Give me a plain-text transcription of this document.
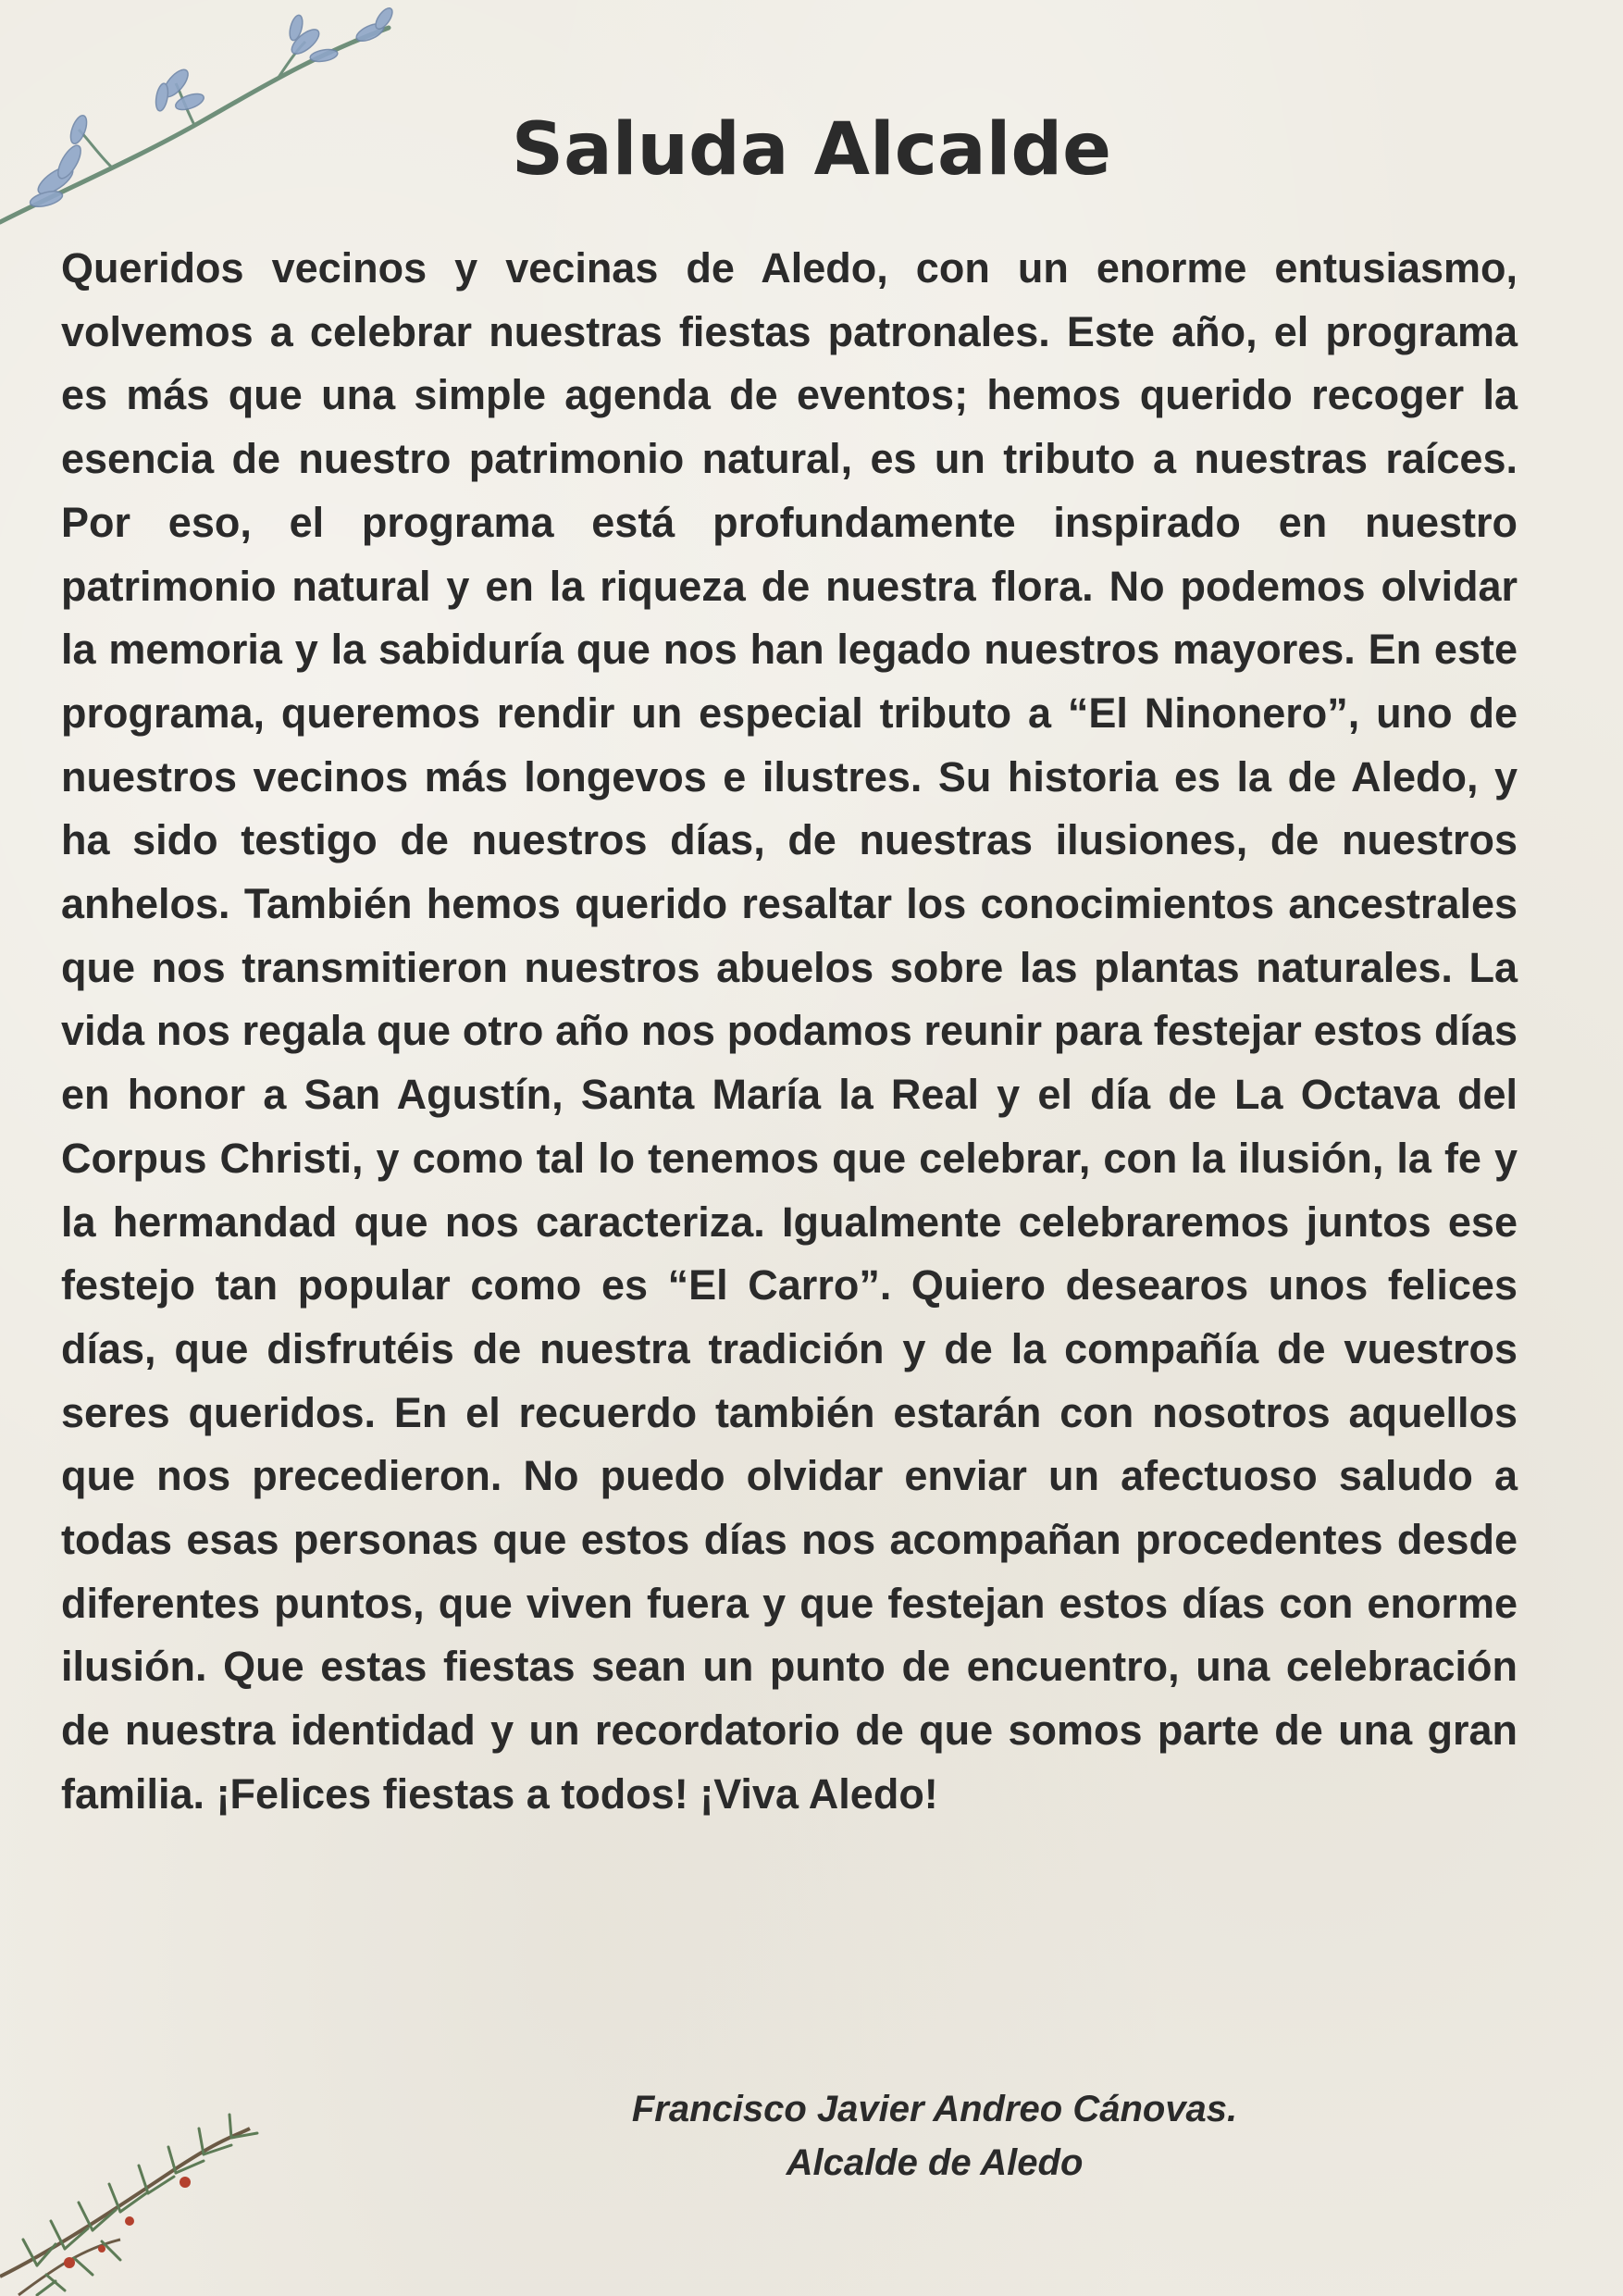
Saluda Alcalde

Queridos vecinos y vecinas de Aledo, con un enorme entusiasmo, volvemos a celebrar nuestras fiestas patronales. Este año, el programa es más que una simple agenda de eventos; hemos querido recoger la esencia de nuestro patrimonio natural, es un tributo a nuestras raíces. Por eso, el programa está profundamente inspirado en nuestro patrimonio natural y en la riqueza de nuestra flora. No podemos olvidar la memoria y la sabiduría que nos han legado nuestros mayores. En este programa, queremos rendir un especial tributo a “El Ninonero”, uno de nuestros vecinos más longevos e ilustres. Su historia es la de Aledo, y ha sido testigo de nuestros días, de nuestras ilusiones, de nuestros anhelos. También hemos querido resaltar los conocimientos ancestrales que nos transmitieron nuestros abuelos sobre las plantas naturales. La vida nos regala que otro año nos podamos reunir para festejar estos días en honor a San Agustín, Santa María la Real y el día de La Octava del Corpus Christi, y como tal lo tenemos que celebrar, con la ilusión, la fe y la hermandad que nos caracteriza. Igualmente celebraremos juntos ese festejo tan popular como es “El Carro”. Quiero desearos unos felices días, que disfrutéis de nuestra tradición y de la compañía de vuestros seres queridos. En el recuerdo también estarán con nosotros aquellos que nos precedieron. No puedo olvidar enviar un afectuoso saludo a todas esas personas que estos días nos acompañan procedentes desde diferentes puntos, que viven fuera y que festejan estos días con enorme ilusión. Que estas fiestas sean un punto de encuentro, una celebración de nuestra identidad y un recordatorio de que somos parte de una gran familia. ¡Felices fiestas a todos! ¡Viva Aledo!

Francisco Javier Andreo Cánovas.
Alcalde de Aledo
